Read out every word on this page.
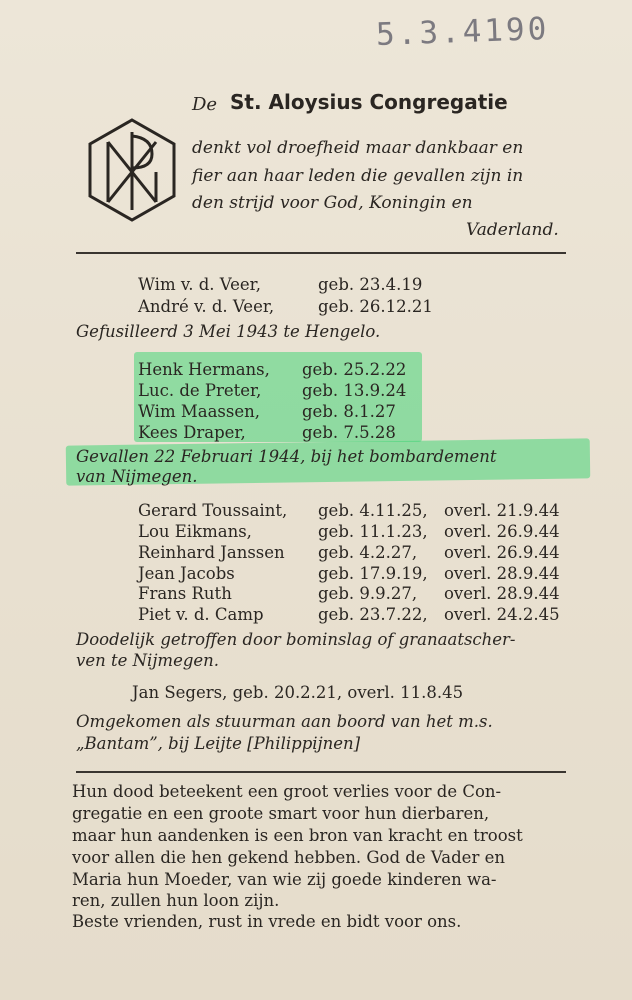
5.3.4190
De St. Aloysius Congregatie
denkt vol droefheid maar dankbaar en
fier aan haar leden die gevallen zijn in
den strijd voor God, Koningin en
Vaderland.
Wim v. d. Veer,	geb. 23.4.19
André v. d. Veer,	geb. 26.12.21
Gefusilleerd 3 Mei 1943 te Hengelo.
Henk Hermans, geb. 25.2.22
Luc. de Preter, geb. 13.9.24
Wim Maassen,	geb. 8.1.27
Kees Draper,	geb. 7.5.28
Gevallen 22 Februari 1944, bij het bombardement
van Nijmegen.
Gerard Toussaint, geb. 4.11.25, overl. 21.9.44
Lou Eikmans,	geb. 11.1.23, overl. 26.9.44
Reinhard Janssen geb. 4.2.27, overl. 26.9.44
Jean Jacobs	geb. 17.9.19, overl. 28.9.44
Frans Ruth	geb. 9.9.27, overl. 28.9.44
Piet v. d. Camp	geb. 23.7.22, overl. 24.2.45
Doodelijk getroffen door bominslag of granaatscher-
ven te Nijmegen.
Jan Segers, geb. 20.2.21, overl. 11.8.45
Omgekomen als stuurman aan boord van het m.s.
„Bantam”, bij Leijte [Philippijnen]
Hun dood beteekent een groot verlies voor de Con-
gregatie en een groote smart voor hun dierbaren,
maar hun aandenken is een bron van kracht en troost
voor allen die hen gekend hebben. God de Vader en
Maria hun Moeder, van wie zij goede kinderen wa-
ren, zullen hun loon zijn.
Beste vrienden, rust in vrede en bidt voor ons.
